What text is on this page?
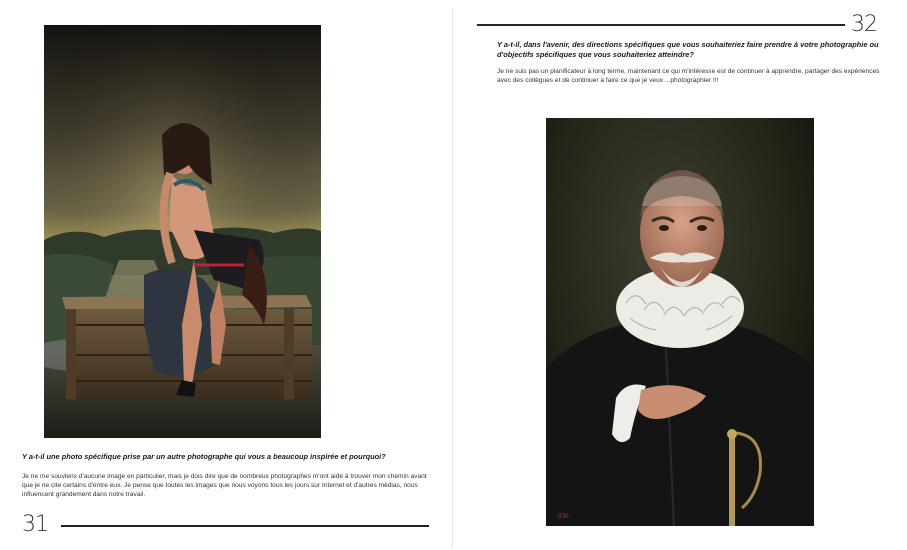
Y a-t-il une photo spécifique prise par un autre photographe qui vous a beaucoup inspirée et pourquoi?

Je ne me souviens d'aucune image en particulier, mais je dois dire que de nombreux photographes m'ont aidé à trouver mon chemin avant que je ne cite certains d'entre eux. Je pense que toutes les images que nous voyons tous les jours sur Internet et d'autres médias, nous influencent grandement dans notre travail.

31
32
Y a-t-il, dans l'avenir, des directions spécifiques que vous souhaiteriez faire prendre à votre photographie ou d'objectifs spécifiques que vous souhaiteriez atteindre?

Je ne suis pas un planificateur à long terme, maintenant ce qui m'intéresse est de continuer à apprendre, partager des expériences avec des collègues et de continuer à faire ce que je veux ...photographier !!!

036.
